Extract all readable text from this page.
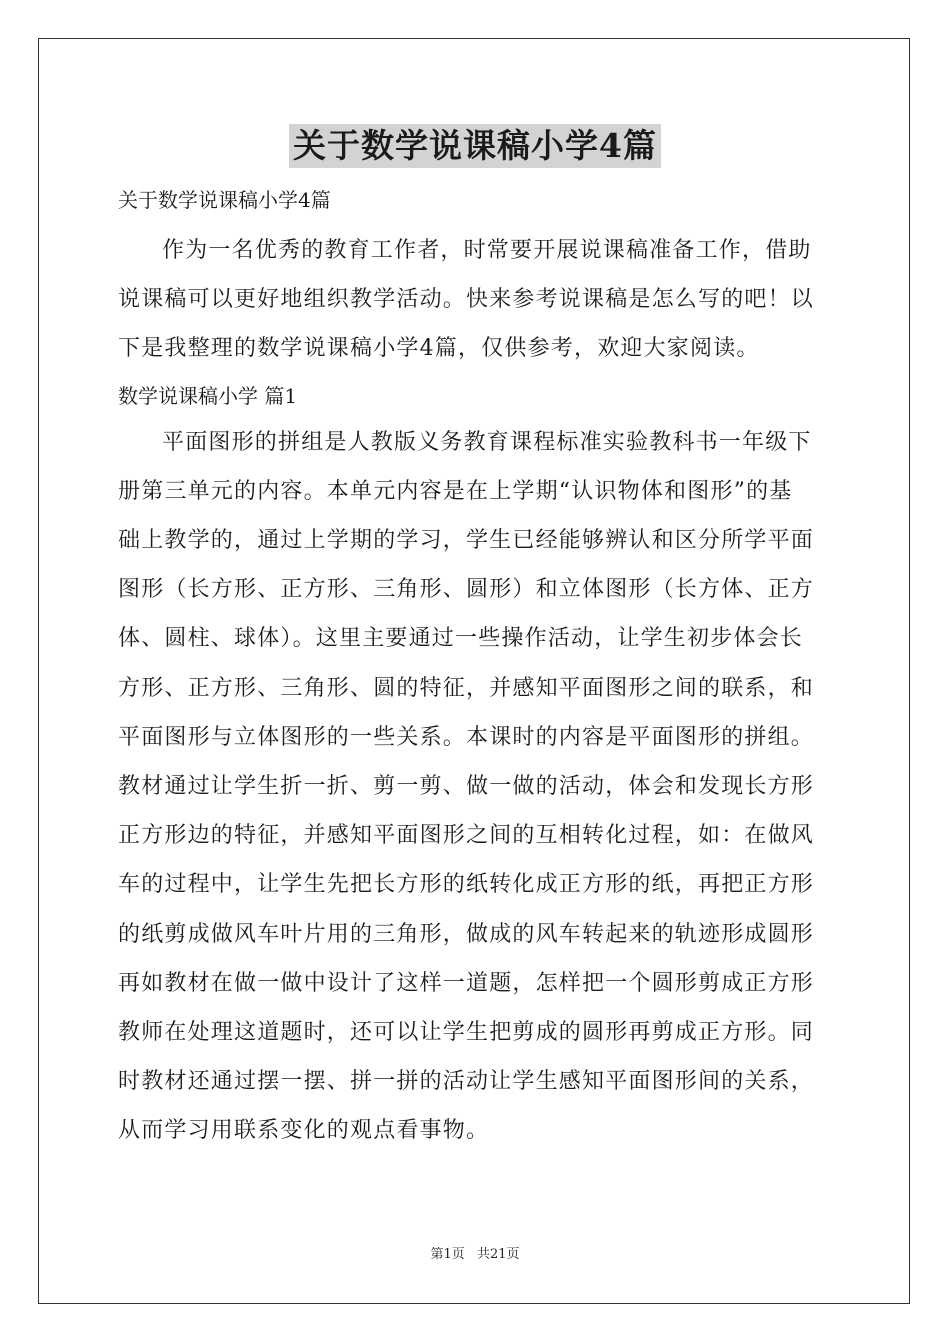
关于数学说课稿小学4篇

关于数学说课稿小学4篇

作为一名优秀的教育工作者，时常要开展说课稿准备工作，借助
说课稿可以更好地组织教学活动。快来参考说课稿是怎么写的吧！以
下是我整理的数学说课稿小学4篇，仅供参考，欢迎大家阅读。

数学说课稿小学 篇1

平面图形的拼组是人教版义务教育课程标准实验教科书一年级下
册第三单元的内容。本单元内容是在上学期“认识物体和图形”的基
础上教学的，通过上学期的学习，学生已经能够辨认和区分所学平面
图形（长方形、正方形、三角形、圆形）和立体图形（长方体、正方
体、圆柱、球体）。这里主要通过一些操作活动，让学生初步体会长
方形、正方形、三角形、圆的特征，并感知平面图形之间的联系，和
平面图形与立体图形的一些关系。本课时的内容是平面图形的拼组。
教材通过让学生折一折、剪一剪、做一做的活动，体会和发现长方形
正方形边的特征，并感知平面图形之间的互相转化过程，如：在做风
车的过程中，让学生先把长方形的纸转化成正方形的纸，再把正方形
的纸剪成做风车叶片用的三角形，做成的风车转起来的轨迹形成圆形
再如教材在做一做中设计了这样一道题，怎样把一个圆形剪成正方形
教师在处理这道题时，还可以让学生把剪成的圆形再剪成正方形。同
时教材还通过摆一摆、拼一拼的活动让学生感知平面图形间的关系，
从而学习用联系变化的观点看事物。
第1页 共21页
